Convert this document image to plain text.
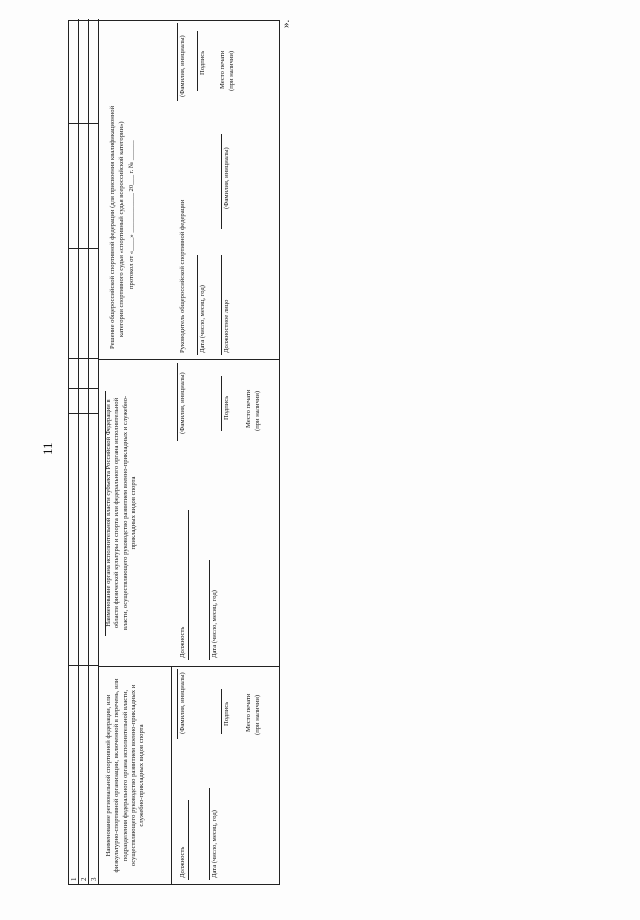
11
».
1 2 3
Наименование региональной спортивной федерации, или физкультурно-спортивной организации, включенной в перечень, или подразделения федерального органа исполнительной власти, осуществляющего руководство развитием военно-прикладных и служебно-прикладных видов спорта
Должность
(Фамилия, инициалы)
Дата (число, месяц, год)
Подпись Место печати (при наличии)
Наименование органа исполнительной власти субъекта Российской Федерации в области физической культуры и спорта или федерального органа исполнительной власти, осуществляющего руководство развитием военно-прикладных и служебно-прикладных видов спорта
Должность
(Фамилия, инициалы)
Дата (число, месяц, год)
Подпись Место печати (при наличии)
Решение общероссийской спортивной федерации (для присвоения квалификационной категории спортивного судьи «спортивный судья всероссийской категории») протокол от «____» ____________ 20___ г. № ______	Руководитель общероссийской спортивной федерации
(Фамилия, инициалы)
Дата (число, месяц, год)	Должностное лицо
(Фамилия, инициалы)
Подпись Место печати (при наличии)
